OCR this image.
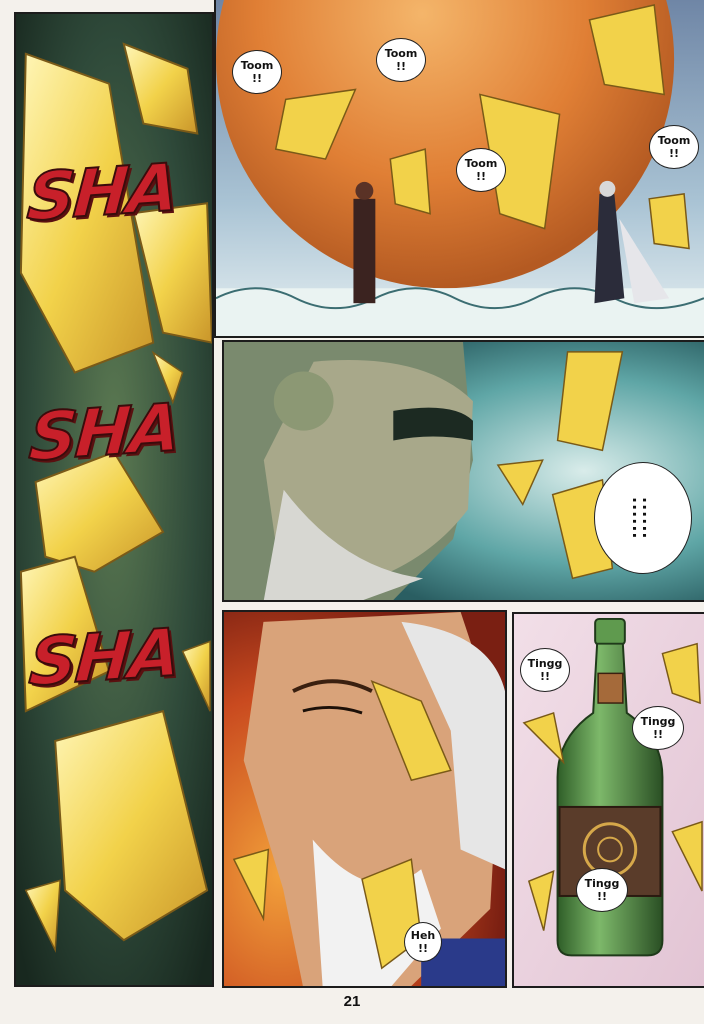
SHA
SHA
SHA
Toom
!!
Toom
!!
Toom
!!
Toom
!!
......
......
Heh
!!
Tingg
!!
Tingg
!!
Tingg
!!
21
